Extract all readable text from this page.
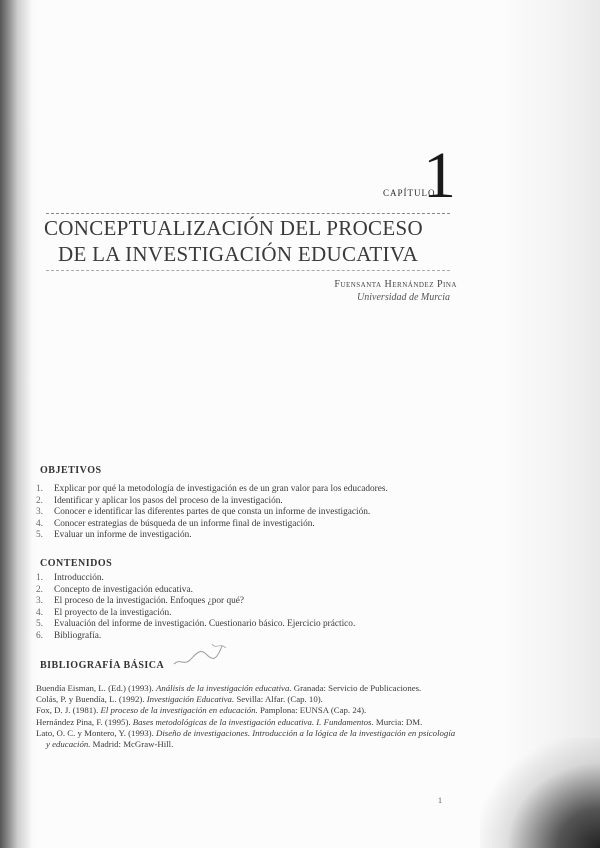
CAPÍTULO
1
CONCEPTUALIZACIÓN DEL PROCESO
DE LA INVESTIGACIÓN EDUCATIVA
Fuensanta Hernández Pina
Universidad de Murcia
OBJETIVOS
1. Explicar por qué la metodología de investigación es de un gran valor para los educadores.
2. Identificar y aplicar los pasos del proceso de la investigación.
3. Conocer e identificar las diferentes partes de que consta un informe de investigación.
4. Conocer estrategias de búsqueda de un informe final de investigación.
5. Evaluar un informe de investigación.
CONTENIDOS
1. Introducción.
2. Concepto de investigación educativa.
3. El proceso de la investigación. Enfoques ¿por qué?
4. El proyecto de la investigación.
5. Evaluación del informe de investigación. Cuestionario básico. Ejercicio práctico.
6. Bibliografía.
BIBLIOGRAFÍA BÁSICA
Buendía Eisman, L. (Ed.) (1993). Análisis de la investigación educativa. Granada: Servicio de Publicaciones.
Colás, P. y Buendía, L. (1992). Investigación Educativa. Sevilla: Alfar. (Cap. 10).
Fox, D. J. (1981). El proceso de la investigación en educación. Pamplona: EUNSA (Cap. 24).
Hernández Pina, F. (1995). Bases metodológicas de la investigación educativa. I. Fundamentos. Murcia: DM.
Lato, O. C. y Montero, Y. (1993). Diseño de investigaciones. Introducción a la lógica de la investigación en psicología y educación. Madrid: McGraw-Hill.
1
